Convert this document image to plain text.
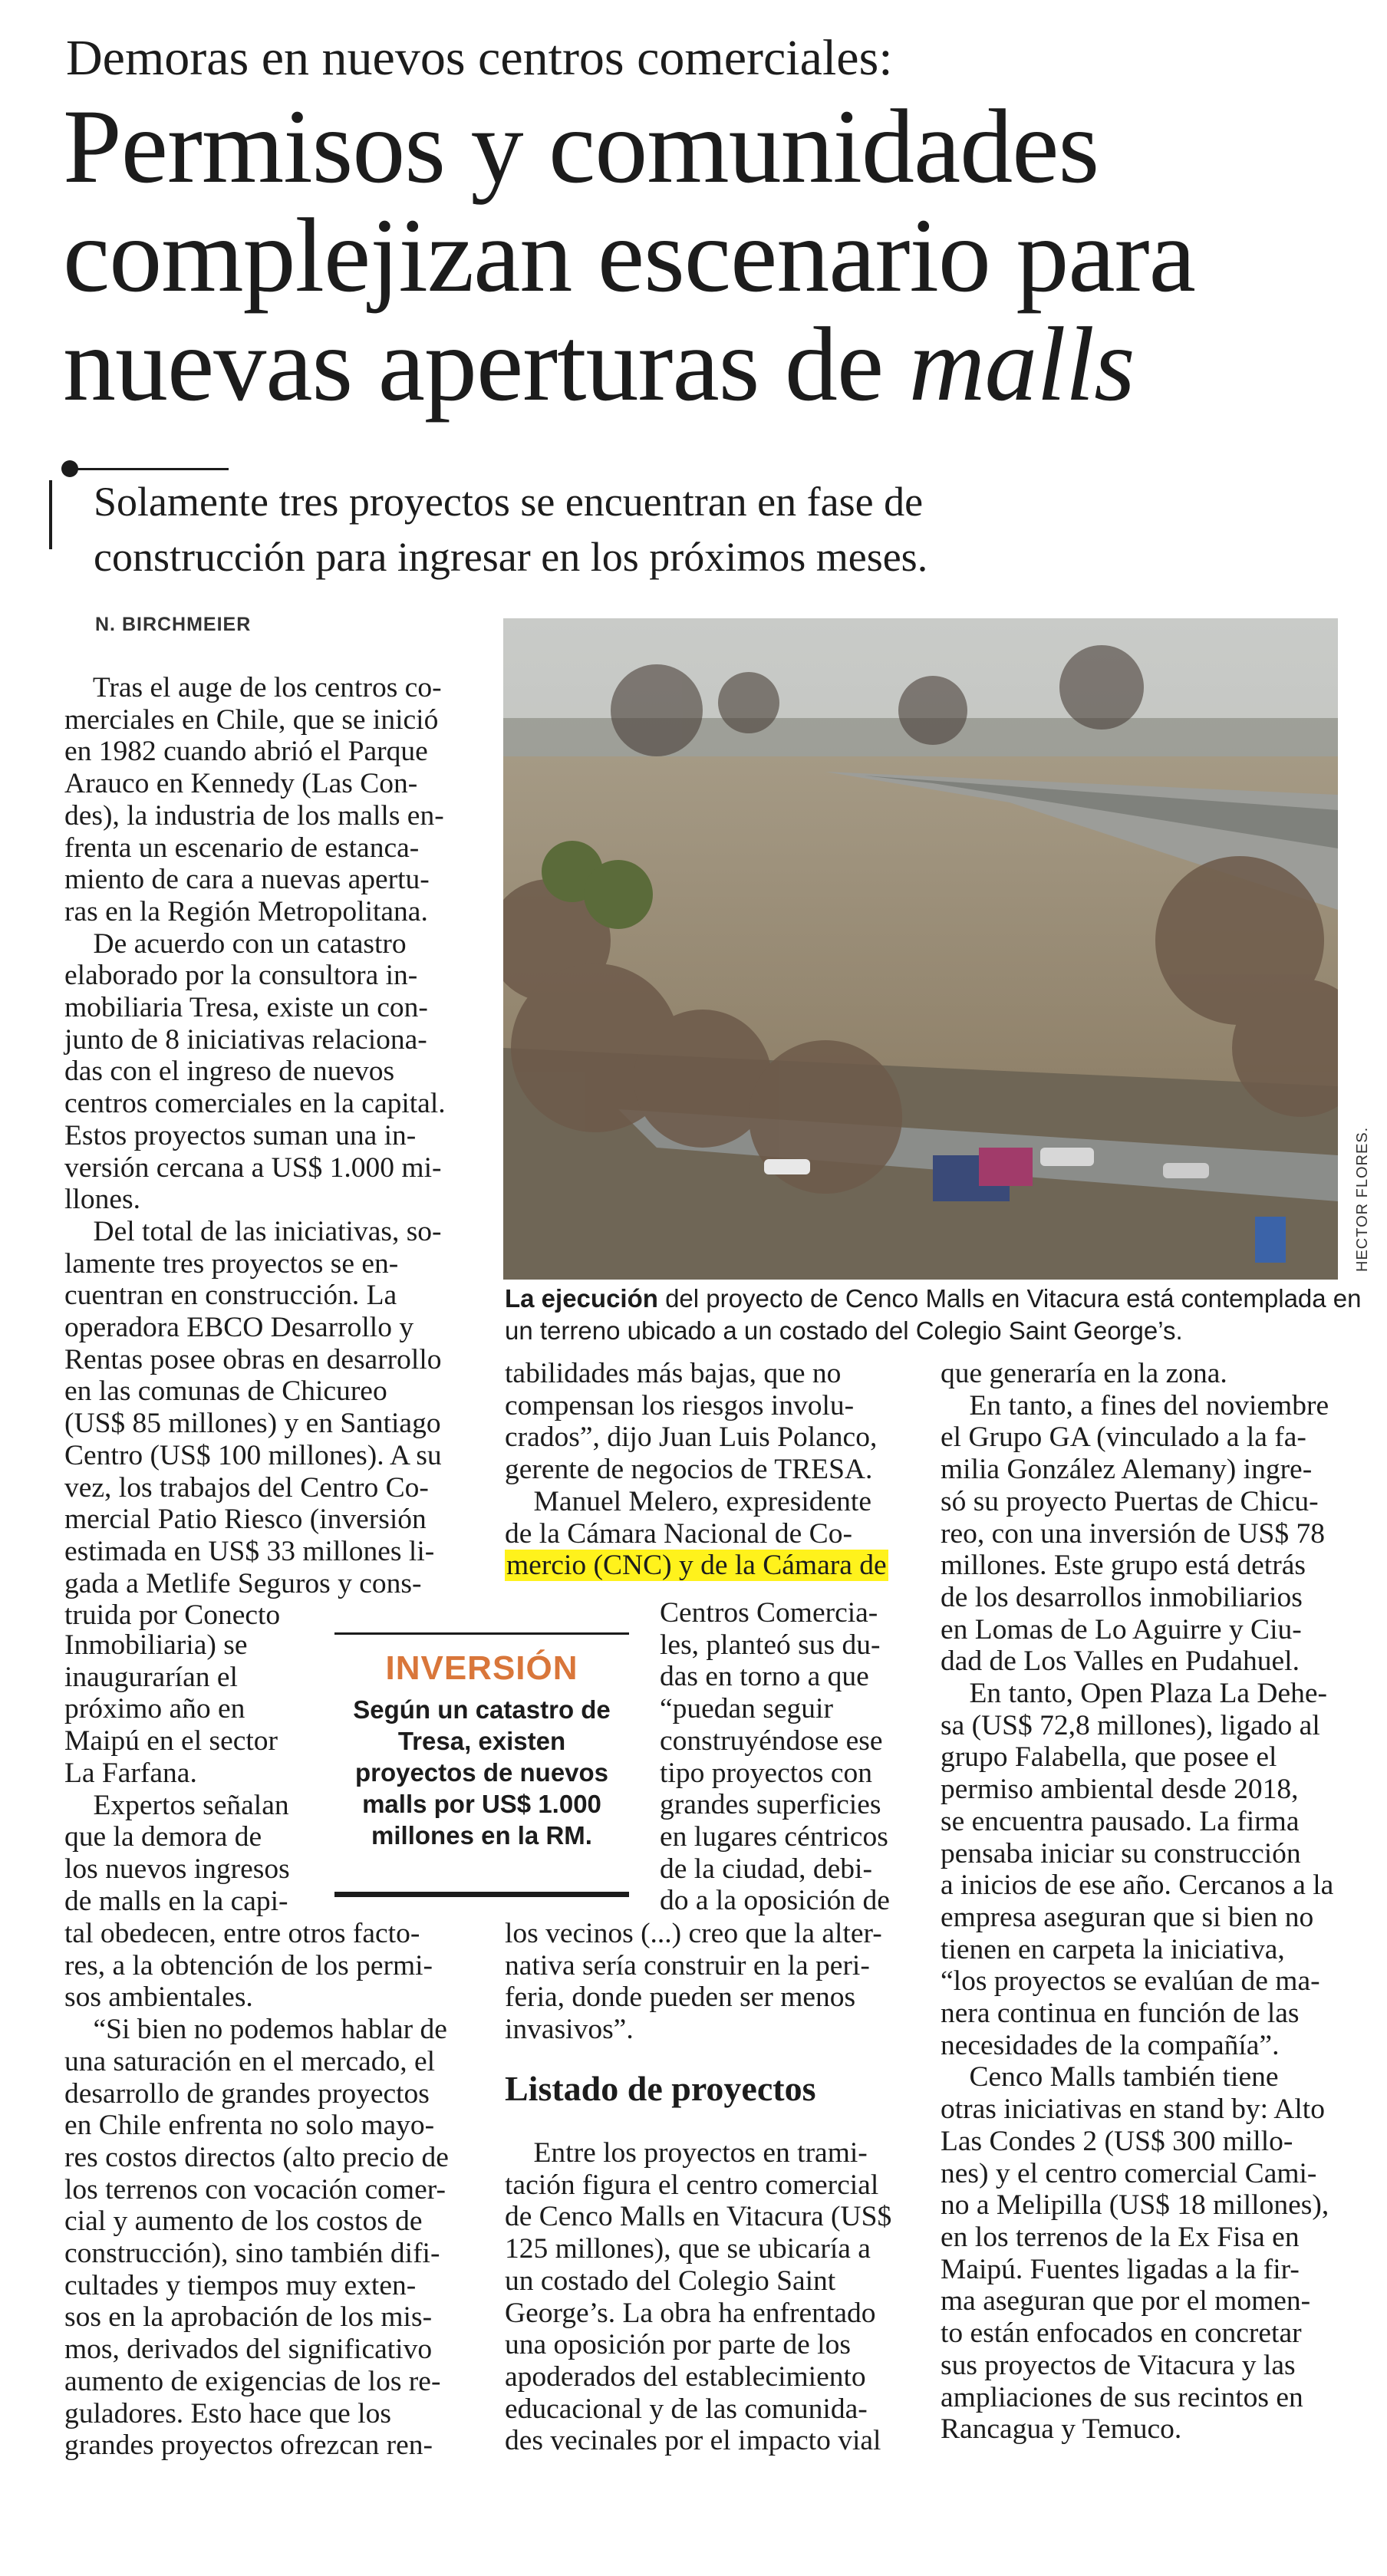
Demoras en nuevos centros comerciales:
Permisos y comunidades
complejizan escenario para
nuevas aperturas de malls
Solamente tres proyectos se encuentran en fase de
construcción para ingresar en los próximos meses.
N. BIRCHMEIER
HECTOR FLORES.
La ejecución del proyecto de Cenco Malls en Vitacura está contemplada en
un terreno ubicado a un costado del Colegio Saint George’s.
Tras el auge de los centros co-
merciales en Chile, que se inició
en 1982 cuando abrió el Parque
Arauco en Kennedy (Las Con-
des), la industria de los malls en-
frenta un escenario de estanca-
miento de cara a nuevas apertu-
ras en la Región Metropolitana.
De acuerdo con un catastro
elaborado por la consultora in-
mobiliaria Tresa, existe un con-
junto de 8 iniciativas relaciona-
das con el ingreso de nuevos
centros comerciales en la capital.
Estos proyectos suman una in-
versión cercana a US$ 1.000 mi-
llones.
Del total de las iniciativas, so-
lamente tres proyectos se en-
cuentran en construcción. La
operadora EBCO Desarrollo y
Rentas posee obras en desarrollo
en las comunas de Chicureo
(US$ 85 millones) y en Santiago
Centro (US$ 100 millones). A su
vez, los trabajos del Centro Co-
mercial Patio Riesco (inversión
estimada en US$ 33 millones li-
gada a Metlife Seguros y cons-
truida por Conecto
Inmobiliaria) se
inaugurarían el
próximo año en
Maipú en el sector
La Farfana.
Expertos señalan
que la demora de
los nuevos ingresos
de malls en la capi-
tal obedecen, entre otros facto-
res, a la obtención de los permi-
sos ambientales.
“Si bien no podemos hablar de
una saturación en el mercado, el
desarrollo de grandes proyectos
en Chile enfrenta no solo mayo-
res costos directos (alto precio de
los terrenos con vocación comer-
cial y aumento de los costos de
construcción), sino también difi-
cultades y tiempos muy exten-
sos en la aprobación de los mis-
mos, derivados del significativo
aumento de exigencias de los re-
guladores. Esto hace que los
grandes proyectos ofrezcan ren-
tabilidades más bajas, que no
compensan los riesgos involu-
crados”, dijo Juan Luis Polanco,
gerente de negocios de TRESA.
Manuel Melero, expresidente
de la Cámara Nacional de Co-
mercio (CNC) y de la Cámara de
Centros Comercia-
les, planteó sus du-
das en torno a que
“puedan seguir
construyéndose ese
tipo proyectos con
grandes superficies
en lugares céntricos
de la ciudad, debi-
do a la oposición de
los vecinos (...) creo que la alter-
nativa sería construir en la peri-
feria, donde pueden ser menos
invasivos”.
Listado de proyectos
Entre los proyectos en trami-
tación figura el centro comercial
de Cenco Malls en Vitacura (US$
125 millones), que se ubicaría a
un costado del Colegio Saint
George’s. La obra ha enfrentado
una oposición por parte de los
apoderados del establecimiento
educacional y de las comunida-
des vecinales por el impacto vial
que generaría en la zona.
En tanto, a fines del noviembre
el Grupo GA (vinculado a la fa-
milia González Alemany) ingre-
só su proyecto Puertas de Chicu-
reo, con una inversión de US$ 78
millones. Este grupo está detrás
de los desarrollos inmobiliarios
en Lomas de Lo Aguirre y Ciu-
dad de Los Valles en Pudahuel.
En tanto, Open Plaza La Dehe-
sa (US$ 72,8 millones), ligado al
grupo Falabella, que posee el
permiso ambiental desde 2018,
se encuentra pausado. La firma
pensaba iniciar su construcción
a inicios de ese año. Cercanos a la
empresa aseguran que si bien no
tienen en carpeta la iniciativa,
“los proyectos se evalúan de ma-
nera continua en función de las
necesidades de la compañía”.
Cenco Malls también tiene
otras iniciativas en stand by: Alto
Las Condes 2 (US$ 300 millo-
nes) y el centro comercial Cami-
no a Melipilla (US$ 18 millones),
en los terrenos de la Ex Fisa en
Maipú. Fuentes ligadas a la fir-
ma aseguran que por el momen-
to están enfocados en concretar
sus proyectos de Vitacura y las
ampliaciones de sus recintos en
Rancagua y Temuco.
INVERSIÓN
Según un catastro de
Tresa, existen
proyectos de nuevos
malls por US$ 1.000
millones en la RM.
